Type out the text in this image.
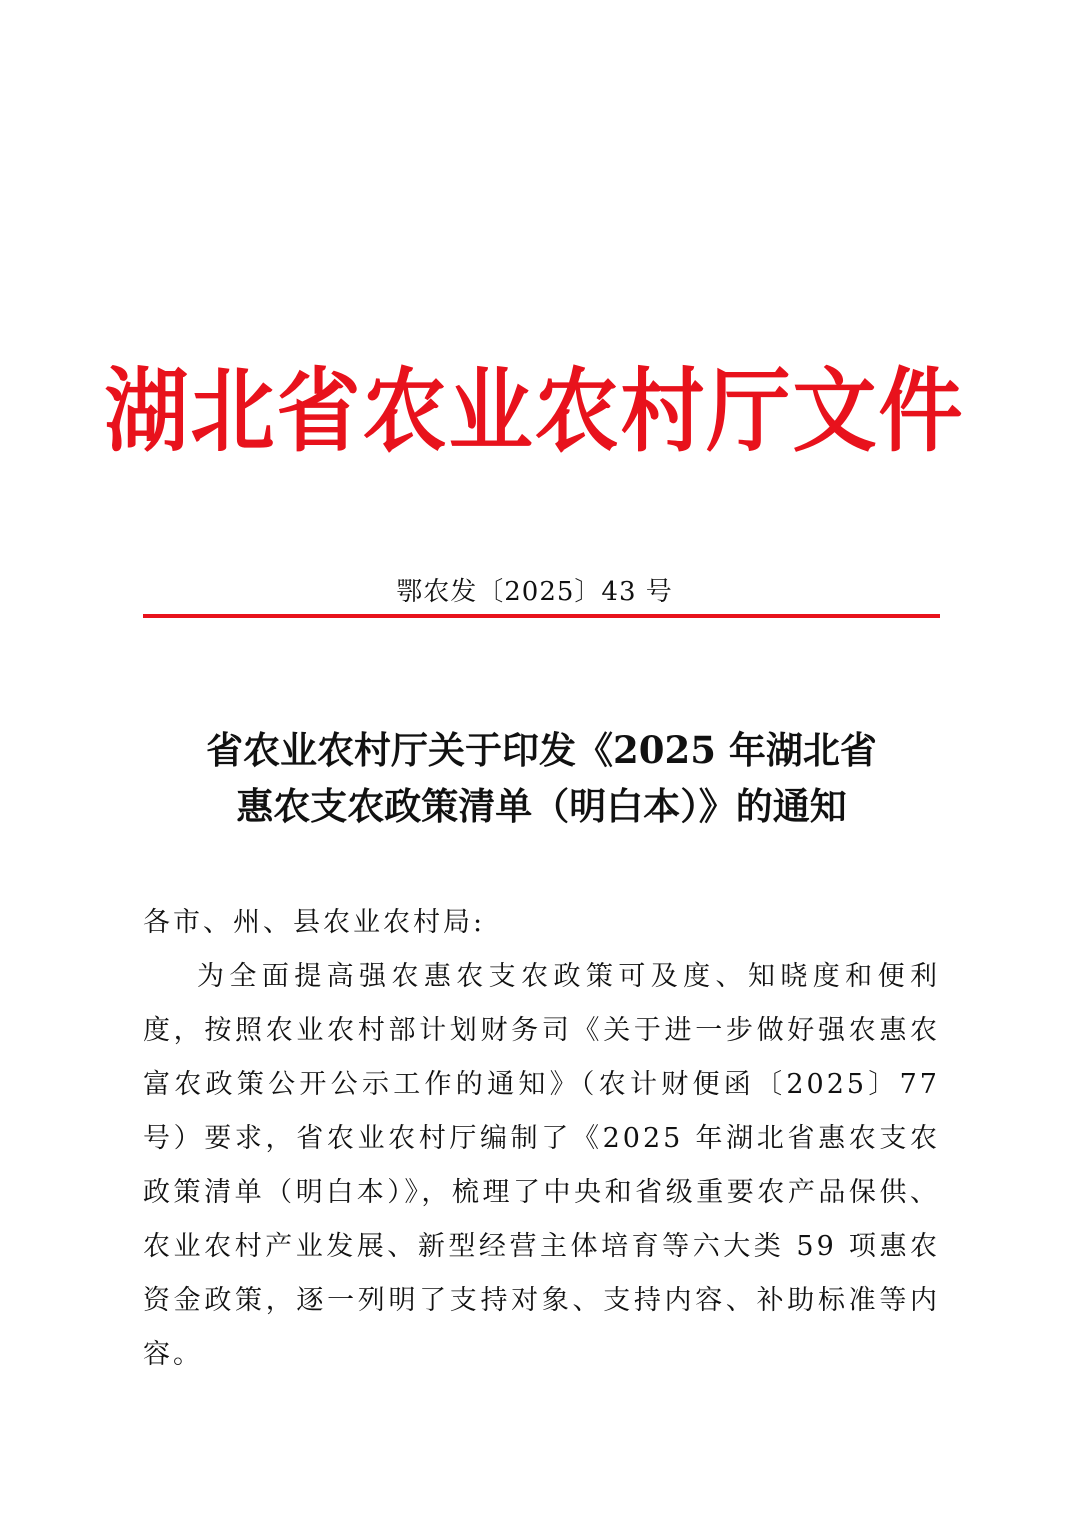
湖北省农业农村厅文件
鄂农发〔2025〕43 号
省农业农村厅关于印发《2025 年湖北省
惠农支农政策清单（明白本）》的通知
各市、州、县农业农村局:

为全面提高强农惠农支农政策可及度、知晓度和便利度，按照农业农村部计划财务司《关于进一步做好强农惠农富农政策公开公示工作的通知》（农计财便函〔2025〕77 号）要求，省农业农村厅编制了《2025 年湖北省惠农支农政策清单（明白本）》，梳理了中央和省级重要农产品保供、农业农村产业发展、新型经营主体培育等六大类 59 项惠农资金政策，逐一列明了支持对象、支持内容、补助标准等内容。
